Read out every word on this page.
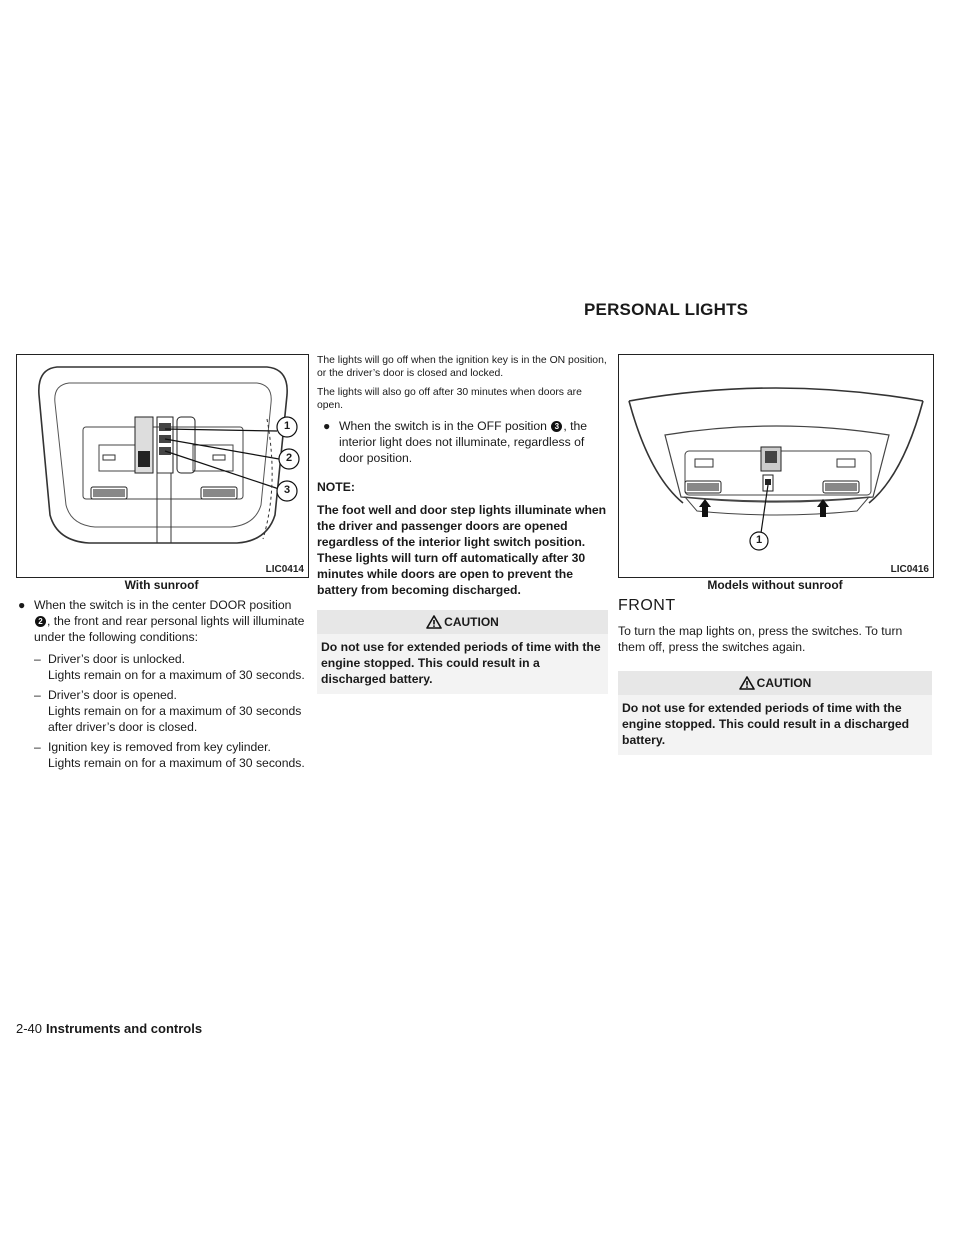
PERSONAL LIGHTS
1
2
3
LIC0414
With sunroof

● When the switch is in the center DOOR position 2 , the front and rear personal lights will illuminate under the following conditions:

– Driver’s door is unlocked.
Lights remain on for a maximum of 30 seconds.

– Driver’s door is opened.
Lights remain on for a maximum of 30 seconds after driver’s door is closed.

– Ignition key is removed from key cylinder.
Lights remain on for a maximum of 30 seconds.

The lights will go off when the ignition key is in the ON position, or the driver’s door is closed and locked.

The lights will also go off after 30 minutes when doors are open.

● When the switch is in the OFF position 3 , the interior light does not illuminate, regardless of door position.

NOTE:

The foot well and door step lights illuminate when the driver and passenger doors are opened regardless of the interior light switch position. These lights will turn off automatically after 30 minutes while doors are open to prevent the battery from becoming discharged.

CAUTION
Do not use for extended periods of time with the engine stopped. This could result in a discharged battery.
1
LIC0416
Models without sunroof

FRONT

To turn the map lights on, press the switches. To turn them off, press the switches again.

CAUTION
Do not use for extended periods of time with the engine stopped. This could result in a discharged battery.
2-40 Instruments and controls
